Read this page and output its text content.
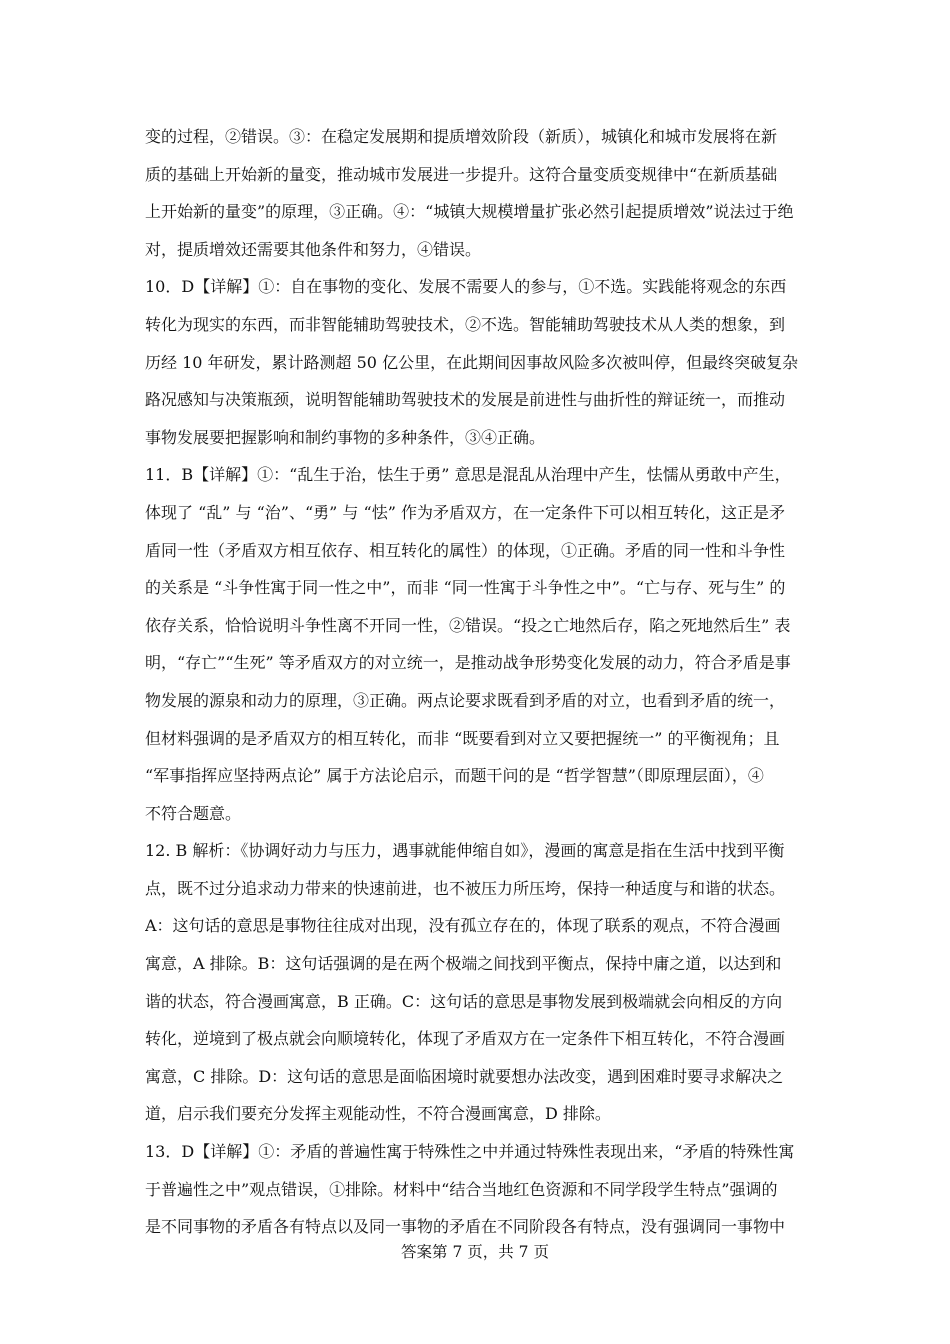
变的过程，②错误。③：在稳定发展期和提质增效阶段（新质），城镇化和城市发展将在新
质的基础上开始新的量变，推动城市发展进一步提升。这符合量变质变规律中“在新质基础
上开始新的量变”的原理，③正确。④：“城镇大规模增量扩张必然引起提质增效”说法过于绝
对，提质增效还需要其他条件和努力，④错误。
10．D【详解】①：自在事物的变化、发展不需要人的参与，①不选。实践能将观念的东西
转化为现实的东西，而非智能辅助驾驶技术，②不选。智能辅助驾驶技术从人类的想象，到
历经 10 年研发，累计路测超 50 亿公里，在此期间因事故风险多次被叫停，但最终突破复杂
路况感知与决策瓶颈，说明智能辅助驾驶技术的发展是前进性与曲折性的辩证统一，而推动
事物发展要把握影响和制约事物的多种条件，③④正确。
11．B【详解】①：“乱生于治，怯生于勇” 意思是混乱从治理中产生，怯懦从勇敢中产生，
体现了 “乱” 与 “治”、“勇” 与 “怯” 作为矛盾双方，在一定条件下可以相互转化，这正是矛
盾同一性（矛盾双方相互依存、相互转化的属性）的体现，①正确。矛盾的同一性和斗争性
的关系是 “斗争性寓于同一性之中”，而非 “同一性寓于斗争性之中”。“亡与存、死与生” 的
依存关系，恰恰说明斗争性离不开同一性，②错误。“投之亡地然后存，陷之死地然后生” 表
明，“存亡”“生死” 等矛盾双方的对立统一，是推动战争形势变化发展的动力，符合矛盾是事
物发展的源泉和动力的原理，③正确。两点论要求既看到矛盾的对立，也看到矛盾的统一，
但材料强调的是矛盾双方的相互转化，而非 “既要看到对立又要把握统一” 的平衡视角；且
“军事指挥应坚持两点论” 属于方法论启示，而题干问的是 “哲学智慧”（即原理层面），④
不符合题意。
12. B 解析：《协调好动力与压力，遇事就能伸缩自如》，漫画的寓意是指在生活中找到平衡
点，既不过分追求动力带来的快速前进，也不被压力所压垮，保持一种适度与和谐的状态。
A：这句话的意思是事物往往成对出现，没有孤立存在的，体现了联系的观点，不符合漫画
寓意，A 排除。B：这句话强调的是在两个极端之间找到平衡点，保持中庸之道，以达到和
谐的状态，符合漫画寓意，B 正确。C：这句话的意思是事物发展到极端就会向相反的方向
转化，逆境到了极点就会向顺境转化，体现了矛盾双方在一定条件下相互转化，不符合漫画
寓意，C 排除。D：这句话的意思是面临困境时就要想办法改变，遇到困难时要寻求解决之
道，启示我们要充分发挥主观能动性，不符合漫画寓意，D 排除。
13．D【详解】①：矛盾的普遍性寓于特殊性之中并通过特殊性表现出来，“矛盾的特殊性寓
于普遍性之中”观点错误，①排除。材料中“结合当地红色资源和不同学段学生特点”强调的
是不同事物的矛盾各有特点以及同一事物的矛盾在不同阶段各有特点，没有强调同一事物中
答案第 7 页，共 7 页
